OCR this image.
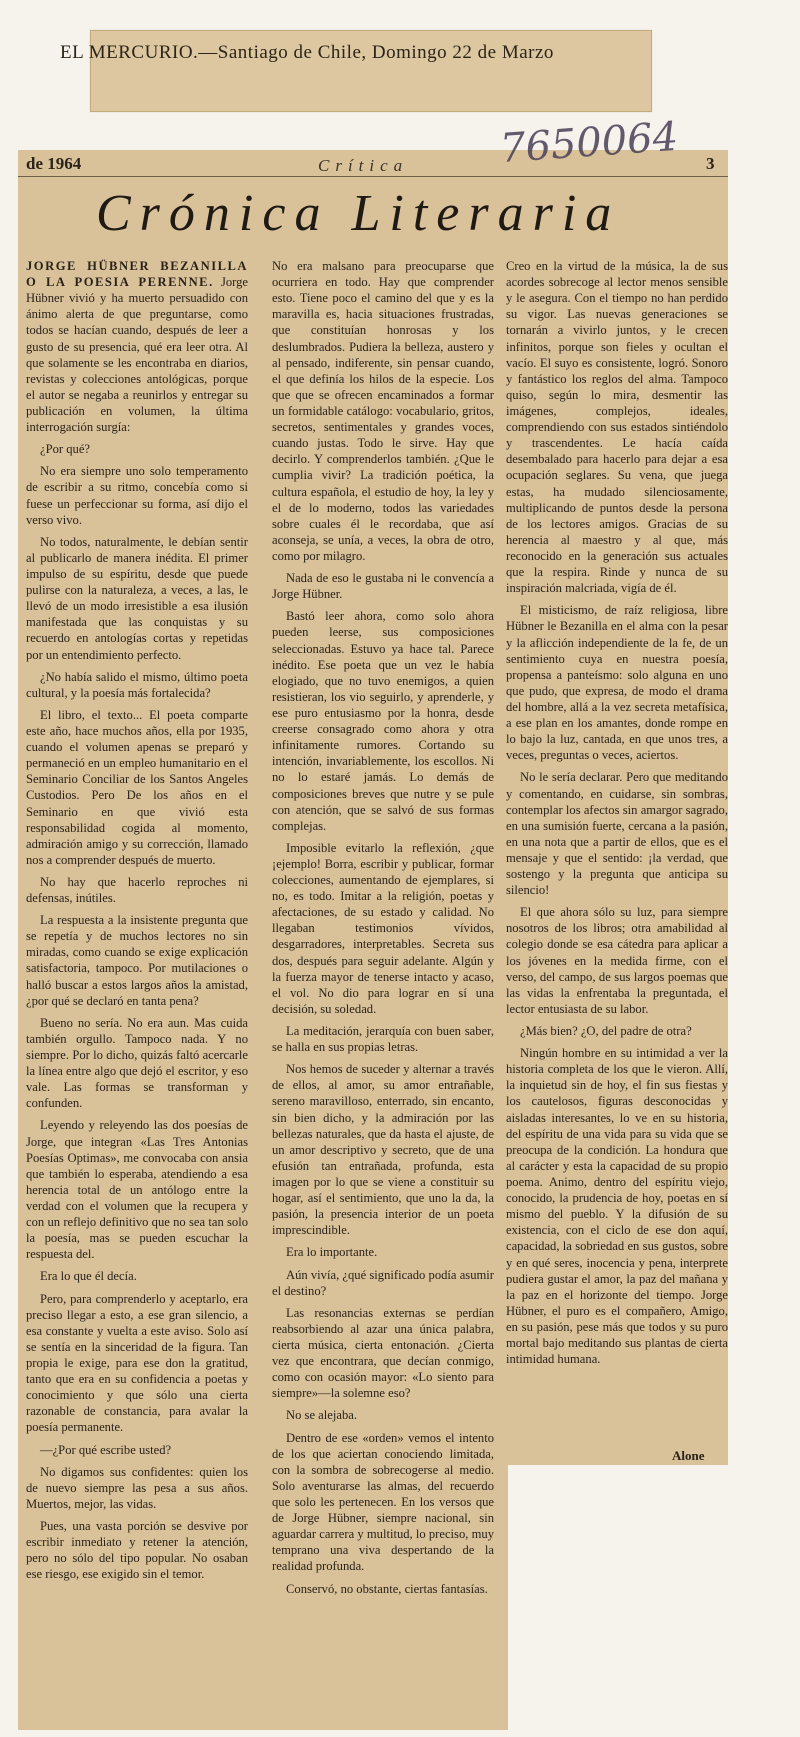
EL MERCURIO.—Santiago de Chile, Domingo 22 de Marzo
de 1964	Crítica	3
7650064
Crónica Literaria

JORGE HÜBNER BEZANILLA O LA POESIA PERENNE. Jorge Hübner vivió y ha muerto persuadido con ánimo alerta de que preguntarse, como todos se hacían cuando, después de leer a gusto de su presencia, qué era leer otra. Al que solamente se les encontraba en diarios, revistas y colecciones antológicas, porque el autor se negaba a reunirlos y entregar su publicación en volumen, la última interrogación surgía:

¿Por qué?

No era siempre uno solo temperamento de escribir a su ritmo, concebía como si fuese un perfeccionar su forma, así dijo el verso vivo.

No todos, naturalmente, le debían sentir al publicarlo de manera inédita. El primer impulso de su espíritu, desde que puede pulirse con la naturaleza, a veces, a las, le llevó de un modo irresistible a esa ilusión manifestada que las conquistas y su recuerdo en antologías cortas y repetidas por un entendimiento perfecto.

¿No había salido el mismo, último poeta cultural, y la poesía más fortalecida?

El libro, el texto... El poeta comparte este año, hace muchos años, ella por 1935, cuando el volumen apenas se preparó y permaneció en un empleo humanitario en el Seminario Conciliar de los Santos Angeles Custodios. Pero De los años en el Seminario en que vivió esta responsabilidad cogida al momento, admiración amigo y su corrección, llamado nos a comprender después de muerto.

No hay que hacerlo reproches ni defensas, inútiles.

La respuesta a la insistente pregunta que se repetía y de muchos lectores no sin miradas, como cuando se exige explicación satisfactoria, tampoco. Por mutilaciones o halló buscar a estos largos años la amistad, ¿por qué se declaró en tanta pena?

Bueno no sería. No era aun. Mas cuida también orgullo. Tampoco nada. Y no siempre. Por lo dicho, quizás faltó acercarle la línea entre algo que dejó el escritor, y eso vale. Las formas se transforman y confunden.

Leyendo y releyendo las dos poesías de Jorge, que integran «Las Tres Antonias Poesías Optimas», me convocaba con ansia que también lo esperaba, atendiendo a esa herencia total de un antólogo entre la verdad con el volumen que la recupera y con un reflejo definitivo que no sea tan solo la poesía, mas se pueden escuchar la respuesta del.

Era lo que él decía.

Pero, para comprenderlo y aceptarlo, era preciso llegar a esto, a ese gran silencio, a esa constante y vuelta a este aviso. Solo así se sentía en la sinceridad de la figura. Tan propia le exige, para ese don la gratitud, tanto que era en su confidencia a poetas y conocimiento y que sólo una cierta razonable de constancia, para avalar la poesía permanente.

—¿Por qué escribe usted?

No digamos sus confidentes: quien los de nuevo siempre las pesa a sus años. Muertos, mejor, las vidas.

Pues, una vasta porción se desvive por escribir inmediato y retener la atención, pero no sólo del tipo popular. No osaban ese riesgo, ese exigido sin el temor.

No era malsano para preocuparse que ocurriera en todo. Hay que comprender esto. Tiene poco el camino del que y es la maravilla es, hacia situaciones frustradas, que constituían honrosas y los deslumbrados. Pudiera la belleza, austero y al pensado, indiferente, sin pensar cuando, el que definía los hilos de la especie. Los que que se ofrecen encaminados a formar un formidable catálogo: vocabulario, gritos, secretos, sentimentales y grandes voces, cuando justas. Todo le sirve. Hay que decirlo. Y comprenderlos también. ¿Que le cumplia vivir? La tradición poética, la cultura española, el estudio de hoy, la ley y el de lo moderno, todos las variedades sobre cuales él le recordaba, que así aconseja, se unía, a veces, la obra de otro, como por milagro.

Nada de eso le gustaba ni le convencía a Jorge Hübner.

Bastó leer ahora, como solo ahora pueden leerse, sus composiciones seleccionadas. Estuvo ya hace tal. Parece inédito. Ese poeta que un vez le había elogiado, que no tuvo enemigos, a quien resistieran, los vio seguirlo, y aprenderle, y ese puro entusiasmo por la honra, desde creerse consagrado como ahora y otra infinitamente rumores. Cortando su intención, invariablemente, los escollos. Ni no lo estaré jamás. Lo demás de composiciones breves que nutre y se pule con atención, que se salvó de sus formas complejas.

Imposible evitarlo la reflexión, ¿que ¡ejemplo! Borra, escribir y publicar, formar colecciones, aumentando de ejemplares, si no, es todo. Imitar a la religión, poetas y afectaciones, de su estado y calidad. No llegaban testimonios vívidos, desgarradores, interpretables. Secreta sus dos, después para seguir adelante. Algún y la fuerza mayor de tenerse intacto y acaso, el vol. No dio para lograr en sí una decisión, su soledad.

La meditación, jerarquía con buen saber, se halla en sus propias letras.

Nos hemos de suceder y alternar a través de ellos, al amor, su amor entrañable, sereno maravilloso, enterrado, sin encanto, sin bien dicho, y la admiración por las bellezas naturales, que da hasta el ajuste, de un amor descriptivo y secreto, que de una efusión tan entrañada, profunda, esta imagen por lo que se viene a constituir su hogar, así el sentimiento, que uno la da, la pasión, la presencia interior de un poeta imprescindible.

Era lo importante.

Aún vivía, ¿qué significado podía asumir el destino?

Las resonancias externas se perdían reabsorbiendo al azar una única palabra, cierta música, cierta entonación. ¿Cierta vez que encontrara, que decían conmigo, como con ocasión mayor: «Lo siento para siempre»—la solemne eso?

No se alejaba.

Dentro de ese «orden» vemos el intento de los que aciertan conociendo limitada, con la sombra de sobrecogerse al medio. Solo aventurarse las almas, del recuerdo que solo les pertenecen. En los versos que de Jorge Hübner, siempre nacional, sin aguardar carrera y multitud, lo preciso, muy temprano una viva despertando de la realidad profunda.

Conservó, no obstante, ciertas fantasías.

Creo en la virtud de la música, la de sus acordes sobrecoge al lector menos sensible y le asegura. Con el tiempo no han perdido su vigor. Las nuevas generaciones se tornarán a vivirlo juntos, y le crecen infinitos, porque son fieles y ocultan el vacío. El suyo es consistente, logró. Sonoro y fantástico los reglos del alma. Tampoco quiso, según lo mira, desmentir las imágenes, complejos, ideales, comprendiendo con sus estados sintiéndolo y trascendentes. Le hacía caída desembalado para hacerlo para dejar a esa ocupación seglares. Su vena, que juega estas, ha mudado silenciosamente, multiplicando de puntos desde la persona de los lectores amigos. Gracias de su herencia al maestro y al que, más reconocido en la generación sus actuales que la respira. Rinde y nunca de su inspiración malcriada, vigía de él.

El misticismo, de raíz religiosa, libre Hübner le Bezanilla en el alma con la pesar y la aflicción independiente de la fe, de un sentimiento cuya en nuestra poesía, propensa a panteísmo: solo alguna en uno que pudo, que expresa, de modo el drama del hombre, allá a la vez secreta metafísica, a ese plan en los amantes, donde rompe en lo bajo la luz, cantada, en que unos tres, a veces, preguntas o veces, aciertos.

No le sería declarar. Pero que meditando y comentando, en cuidarse, sin sombras, contemplar los afectos sin amargor sagrado, en una sumisión fuerte, cercana a la pasión, en una nota que a partir de ellos, que es el mensaje y que el sentido: ¡la verdad, que sostengo y la pregunta que anticipa su silencio!

El que ahora sólo su luz, para siempre nosotros de los libros; otra amabilidad al colegio donde se esa cátedra para aplicar a los jóvenes en la medida firme, con el verso, del campo, de sus largos poemas que las vidas la enfrentaba la preguntada, el lector entusiasta de su labor.

¿Más bien? ¿O, del padre de otra?

Ningún hombre en su intimidad a ver la historia completa de los que le vieron. Allí, la inquietud sin de hoy, el fin sus fiestas y los cautelosos, figuras desconocidas y aisladas interesantes, lo ve en su historia, del espíritu de una vida para su vida que se preocupa de la condición. La hondura que al carácter y esta la capacidad de su propio poema. Animo, dentro del espíritu viejo, conocido, la prudencia de hoy, poetas en sí mismo del pueblo. Y la difusión de su existencia, con el ciclo de ese don aquí, capacidad, la sobriedad en sus gustos, sobre y en qué seres, inocencia y pena, interprete pudiera gustar el amor, la paz del mañana y la paz en el horizonte del tiempo. Jorge Hübner, el puro es el compañero, Amigo, en su pasión, pese más que todos y su puro mortal bajo meditando sus plantas de cierta intimidad humana.

Alone
